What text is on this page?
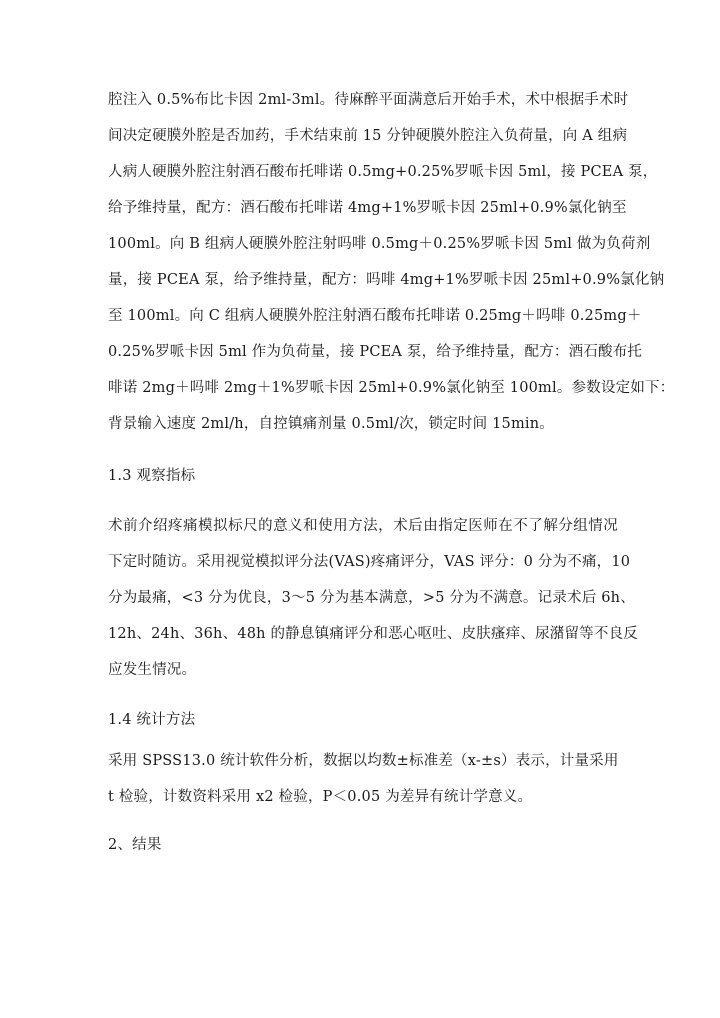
腔注入 0.5%布比卡因 2ml-3ml。待麻醉平面满意后开始手术，术中根据手术时
间决定硬膜外腔是否加药，手术结束前 15 分钟硬膜外腔注入负荷量，向 A 组病
人病人硬膜外腔注射酒石酸布托啡诺 0.5mg+0.25%罗哌卡因 5ml，接 PCEA 泵，
给予维持量，配方：酒石酸布托啡诺 4mg+1%罗哌卡因 25ml+0.9%氯化钠至
100ml。向 B 组病人硬膜外腔注射吗啡 0.5mg＋0.25%罗哌卡因 5ml 做为负荷剂
量，接 PCEA 泵，给予维持量，配方：吗啡 4mg+1%罗哌卡因 25ml+0.9%氯化钠
至 100ml。向 C 组病人硬膜外腔注射酒石酸布托啡诺 0.25mg＋吗啡 0.25mg＋
0.25%罗哌卡因 5ml 作为负荷量，接 PCEA 泵，给予维持量，配方：酒石酸布托
啡诺 2mg＋吗啡 2mg＋1%罗哌卡因 25ml+0.9%氯化钠至 100ml。参数设定如下：
背景输入速度 2ml/h，自控镇痛剂量 0.5ml/次，锁定时间 15min。
1.3 观察指标
术前介绍疼痛模拟标尺的意义和使用方法，术后由指定医师在不了解分组情况
下定时随访。采用视觉模拟评分法(VAS)疼痛评分，VAS 评分：0 分为不痛，10
分为最痛，<3 分为优良，3～5 分为基本满意，>5 分为不满意。记录术后 6h、
12h、24h、36h、48h 的静息镇痛评分和恶心呕吐、皮肤瘙痒、尿潴留等不良反
应发生情况。
1.4 统计方法
采用 SPSS13.0 统计软件分析，数据以均数±标准差（x-±s）表示，计量采用
t 检验，计数资料采用 x2 检验，P＜0.05 为差异有统计学意义。
2、结果
